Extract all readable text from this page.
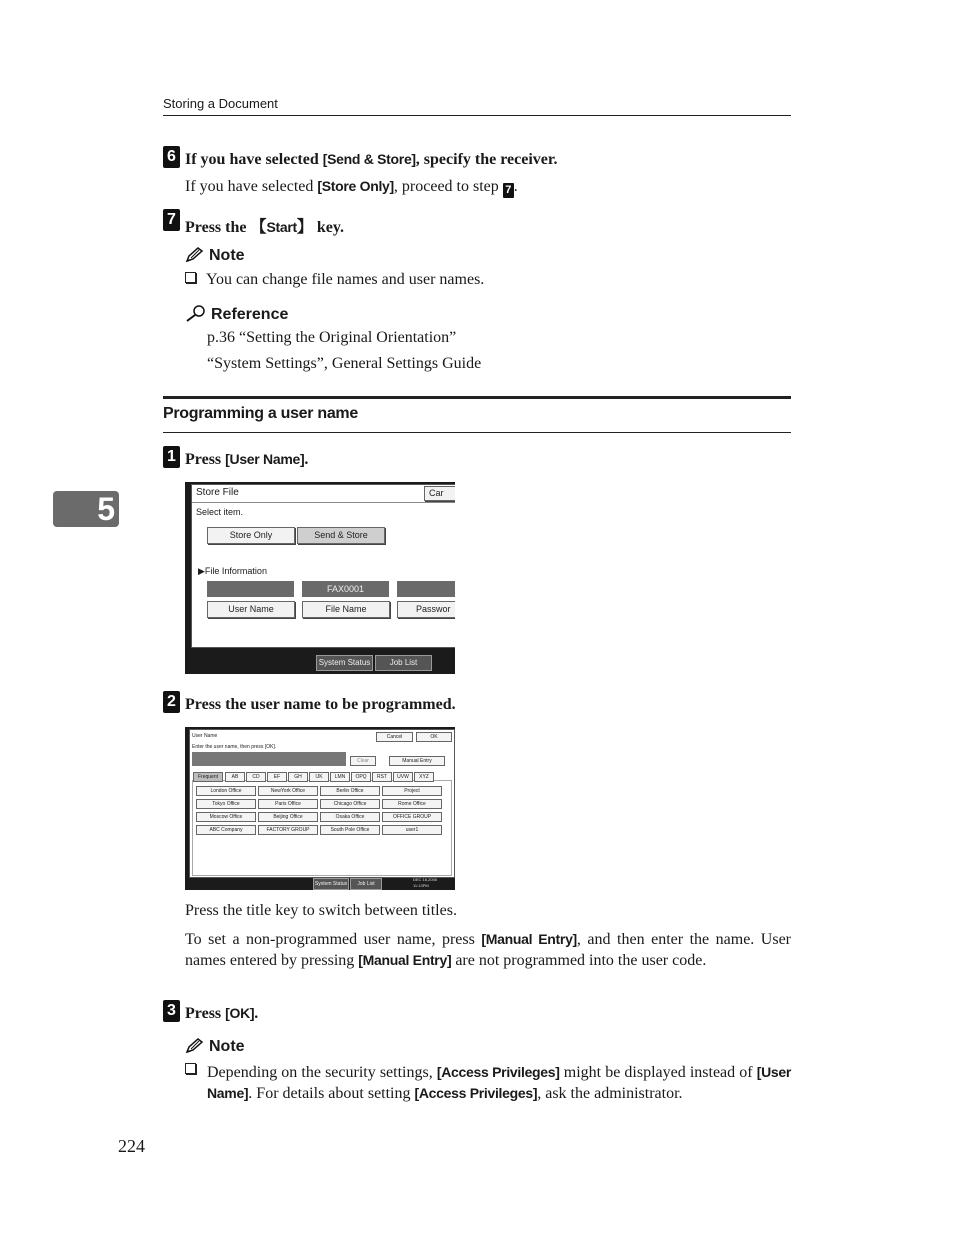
Storing a Document
6 If you have selected [Send & Store], specify the receiver.
If you have selected [Store Only], proceed to step 7 .
7 Press the 【Start】 key.
Note
You can change file names and user names.
Reference
p.36 “Setting the Original Orientation”
“System Settings”, General Settings Guide
Programming a user name
5
1 Press [User Name].
Store File	Car
Select item.
Store Only	Send & Store
▶File Information
FAX0001
User Name	File Name	Passwor
System Status	Job List
2 Press the user name to be programmed.
User Name	Cancel	OK
Enter the user name, then press [OK].
Clear	Manual Entry
Frequent	AB	CD	EF	GH	IJK	LMN	OPQ	RST	UVW	XYZ
London Office	NewYork Office	Berlin Office	Project
Tokyo Office	Paris Office	Chicago Office	Rome Office
Moscow Office	Beijing Office	Osaka Office	OFFICE GROUP
ABC Company	FACTORY GROUP	South Pole Office	user1
System Status	Job List
DEC 16,2005
11:13PM
Press the title key to switch between titles.
To set a non-programmed user name, press [Manual Entry], and then enter the name. User names entered by pressing [Manual Entry] are not programmed into the user code.
3 Press [OK].
Note
Depending on the security settings, [Access Privileges] might be displayed instead of [User Name]. For details about setting [Access Privileges], ask the administrator.
224
